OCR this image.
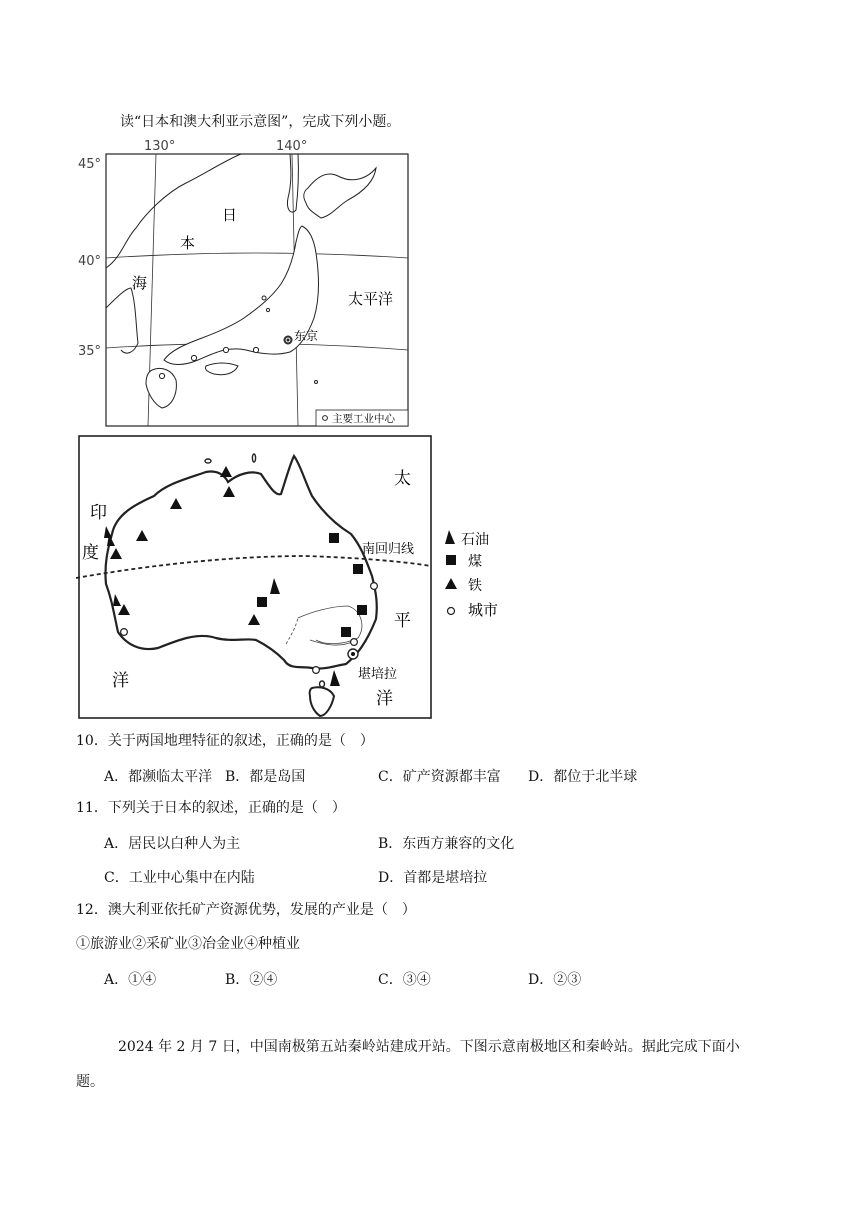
读“日本和澳大利亚示意图”，完成下列小题。
130°	140°
45°
40°
35°
日
本
海
太平洋
东京
主要工业中心
印
度
洋
太
平
洋
南回归线
堪培拉
石油
煤
铁
城市
10．关于两国地理特征的叙述，正确的是（　）
A．都濒临太平洋 B．都是岛国	C．矿产资源都丰富 D．都位于北半球
11．下列关于日本的叙述，正确的是（　）
A．居民以白种人为主	B．东西方兼容的文化
C．工业中心集中在内陆	D．首都是堪培拉
12．澳大利亚依托矿产资源优势，发展的产业是（　）
①旅游业②采矿业③冶金业④种植业
A．①④	B．②④	C．③④	D．②③
2024 年 2 月 7 日，中国南极第五站秦岭站建成开站。下图示意南极地区和秦岭站。据此完成下面小
题。
